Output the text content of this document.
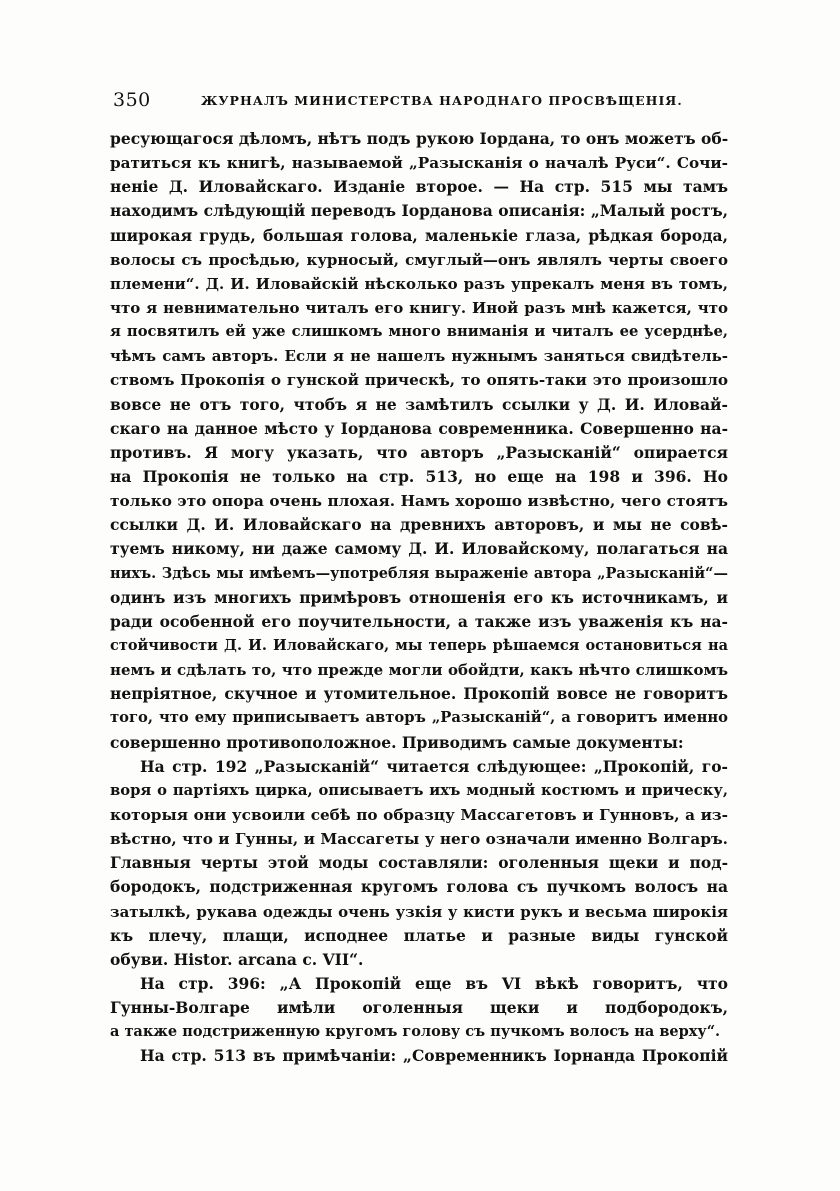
350	ЖУРНАЛЪ МИНИСТЕРСТВА НАРОДНАГО ПРОСВѢЩЕНІЯ.
ресующагося дѣломъ, нѣтъ подъ рукою Іордана, то онъ можетъ об-
ратиться къ книгѣ, называемой „Разысканія о началѣ Руси“. Сочи-
неніе Д. Иловайскаго. Изданіе второе. — На стр. 515 мы тамъ
находимъ слѣдующій переводъ Іорданова описанія: „Малый ростъ,
широкая грудь, большая голова, маленькіе глаза, рѣдкая борода,
волосы съ просѣдью, курносый, смуглый—онъ являлъ черты своего
племени“. Д. И. Иловайскій нѣсколько разъ упрекалъ меня въ томъ,
что я невнимательно читалъ его книгу. Иной разъ мнѣ кажется, что
я посвятилъ ей уже слишкомъ много вниманія и читалъ ее усерднѣе,
чѣмъ самъ авторъ. Если я не нашелъ нужнымъ заняться свидѣтель-
ствомъ Прокопія о гунской прическѣ, то опять-таки это произошло
вовсе не отъ того, чтобъ я не замѣтилъ ссылки у Д. И. Иловай-
скаго на данное мѣсто у Іорданова современника. Совершенно на-
противъ. Я могу указать, что авторъ „Разысканій“ опирается
на Прокопія не только на стр. 513, но еще на 198 и 396. Но
только это опора очень плохая. Намъ хорошо извѣстно, чего стоятъ
ссылки Д. И. Иловайскаго на древнихъ авторовъ, и мы не совѣ-
туемъ никому, ни даже самому Д. И. Иловайскому, полагаться на
нихъ. Здѣсь мы имѣемъ—употребляя выраженіе автора „Разысканій“—
одинъ изъ многихъ примѣровъ отношенія его къ источникамъ, и
ради особенной его поучительности, а также изъ уваженія къ на-
стойчивости Д. И. Иловайскаго, мы теперь рѣшаемся остановиться на
немъ и сдѣлать то, что прежде могли обойдти, какъ нѣчто слишкомъ
непріятное, скучное и утомительное. Прокопій вовсе не говоритъ
того, что ему приписываетъ авторъ „Разысканій“, а говоритъ именно
совершенно противоположное. Приводимъ самые документы:
На стр. 192 „Разысканій“ читается слѣдующее: „Прокопій, го-
воря о партіяхъ цирка, описываетъ ихъ модный костюмъ и прическу,
которыя они усвоили себѣ по образцу Массагетовъ и Гунновъ, а из-
вѣстно, что и Гунны, и Массагеты у него означали именно Волгаръ.
Главныя черты этой моды составляли: оголенныя щеки и под-
бородокъ, подстриженная кругомъ голова съ пучкомъ волосъ на
затылкѣ, рукава одежды очень узкія у кисти рукъ и весьма широкія
къ плечу, плащи, исподнее платье и разные виды гунской
обуви. Histor. arcana c. VII“.
На стр. 396: „А Прокопій еще въ VI вѣкѣ говоритъ, что
Гунны-Волгаре имѣли оголенныя щеки и подбородокъ,
а также подстриженную кругомъ голову съ пучкомъ волосъ на верху“.
На стр. 513 въ примѣчаніи: „Современникъ Іорнанда Прокопій
